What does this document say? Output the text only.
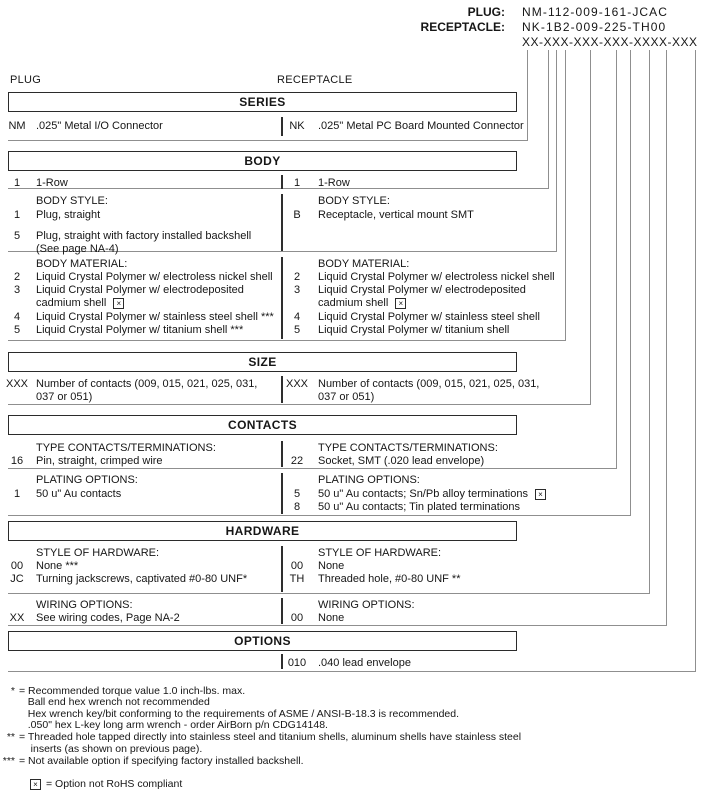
PLUG: NM-112-009-161-JCAC
RECEPTACLE: NK-1B2-009-225-TH00
XX-XXX-XXX-XXX-XXXX-XXX
PLUG	RECEPTACLE
SERIES
NM .025" Metal I/O Connector	NK	.025" Metal PC Board Mounted Connector
BODY
1	1-Row	1	1-Row
BODY STYLE:	BODY STYLE:
1	Plug, straight
5	Plug, straight with factory installed backshell
(See page NA-4)
B	Receptacle, vertical mount SMT
BODY MATERIAL:	BODY MATERIAL:
2	Liquid Crystal Polymer w/ electroless nickel shell
3	Liquid Crystal Polymer w/ electrodeposited
cadmium shell×
4	Liquid Crystal Polymer w/ stainless steel shell ***
5	Liquid Crystal Polymer w/ titanium shell ***
2	Liquid Crystal Polymer w/ electroless nickel shell
3	Liquid Crystal Polymer w/ electrodeposited
cadmium shell×
4	Liquid Crystal Polymer w/ stainless steel shell
5	Liquid Crystal Polymer w/ titanium shell
SIZE
XXX Number of contacts (009, 015, 021, 025, 031,
037 or 051)
XXX Number of contacts (009, 015, 021, 025, 031,
037 or 051)
CONTACTS
TYPE CONTACTS/TERMINATIONS:	TYPE CONTACTS/TERMINATIONS:
16	Pin, straight, crimped wire	22	Socket, SMT (.020 lead envelope)
PLATING OPTIONS:	PLATING OPTIONS:
1	50 u" Au contacts	5	50 u" Au contacts; Sn/Pb alloy terminations×
8	50 u" Au contacts; Tin plated terminations
HARDWARE
STYLE OF HARDWARE:	STYLE OF HARDWARE:
00	None ***
JC	Turning jackscrews, captivated #0-80 UNF*
00	None
TH	Threaded hole, #0-80 UNF **
WIRING OPTIONS:	WIRING OPTIONS:
XX	See wiring codes, Page NA-2	00	None
OPTIONS
010	.040 lead envelope
* = Recommended torque value 1.0 inch-lbs. max.
Ball end hex wrench not recommended
Hex wrench key/bit conforming to the requirements of ASME / ANSI-B-18.3 is recommended.
.050" hex L-key long arm wrench - order AirBorn p/n CDG14148.
** = Threaded hole tapped directly into stainless steel and titanium shells, aluminum shells have stainless steel
inserts (as shown on previous page).
*** = Not available option if specifying factory installed backshell.
×
= Option not RoHS compliant
